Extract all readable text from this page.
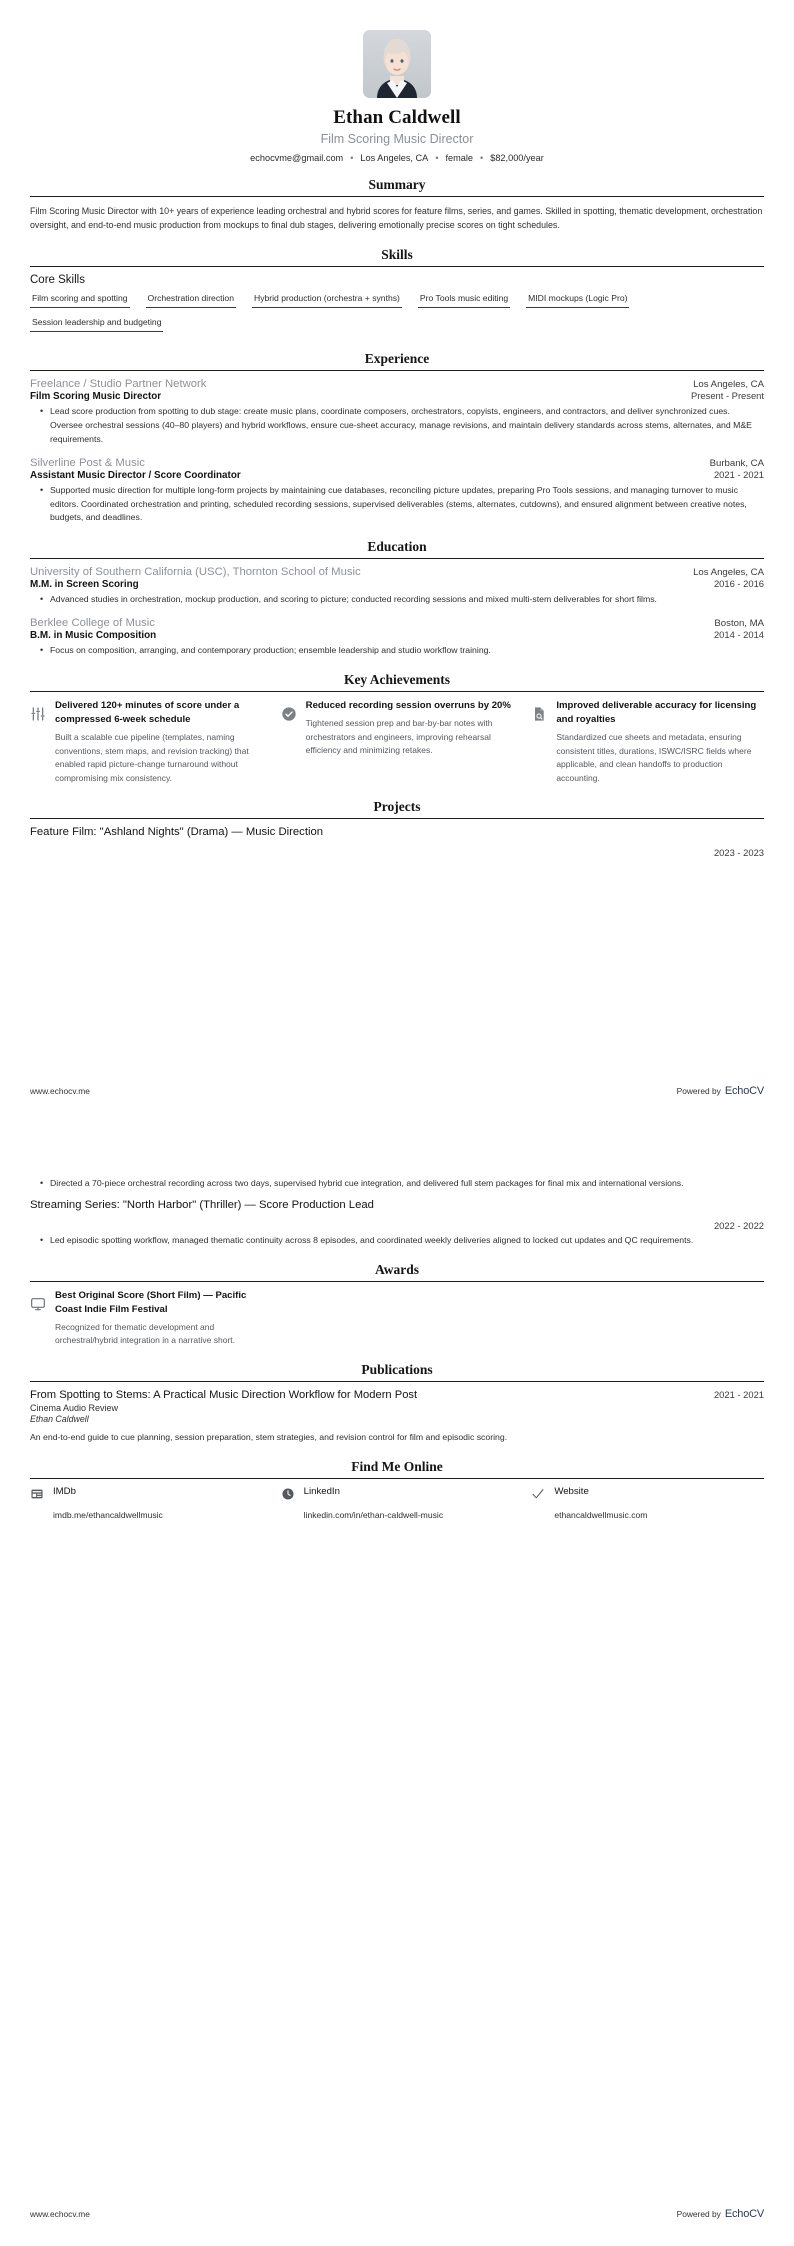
Ethan Caldwell
Film Scoring Music Director
echocvme@gmail.com • Los Angeles, CA • female • $82,000/year
Summary
Film Scoring Music Director with 10+ years of experience leading orchestral and hybrid scores for feature films, series, and games. Skilled in spotting, thematic development, orchestration oversight, and end-to-end music production from mockups to final dub stages, delivering emotionally precise scores on tight schedules.
Skills
Core Skills
Film scoring and spotting Orchestration direction Hybrid production (orchestra + synths) Pro Tools music editing MIDI mockups (Logic Pro)
Session leadership and budgeting
Experience
Freelance / Studio Partner Network	Los Angeles, CA
Film Scoring Music Director	Present - Present
• Lead score production from spotting to dub stage: create music plans, coordinate composers, orchestrators, copyists, engineers, and contractors, and deliver synchronized cues. Oversee orchestral sessions (40–80 players) and hybrid workflows, ensure cue-sheet accuracy, manage revisions, and maintain delivery standards across stems, alternates, and M&E requirements.
Silverline Post & Music	Burbank, CA
Assistant Music Director / Score Coordinator	2021 - 2021
• Supported music direction for multiple long-form projects by maintaining cue databases, reconciling picture updates, preparing Pro Tools sessions, and managing turnover to music editors. Coordinated orchestration and printing, scheduled recording sessions, supervised deliverables (stems, alternates, cutdowns), and ensured alignment between creative notes, budgets, and deadlines.
Education
University of Southern California (USC), Thornton School of Music	Los Angeles, CA
M.M. in Screen Scoring	2016 - 2016
• Advanced studies in orchestration, mockup production, and scoring to picture; conducted recording sessions and mixed multi-stem deliverables for short films.
Berklee College of Music	Boston, MA
B.M. in Music Composition	2014 - 2014
• Focus on composition, arranging, and contemporary production; ensemble leadership and studio workflow training.
Key Achievements
Delivered 120+ minutes of score under a compressed 6-week schedule
Built a scalable cue pipeline (templates, naming conventions, stem maps, and revision tracking) that enabled rapid picture-change turnaround without compromising mix consistency.
Reduced recording session overruns by 20%
Tightened session prep and bar-by-bar notes with orchestrators and engineers, improving rehearsal efficiency and minimizing retakes.
Improved deliverable accuracy for licensing and royalties
Standardized cue sheets and metadata, ensuring consistent titles, durations, ISWC/ISRC fields where applicable, and clean handoffs to production accounting.
Projects
Feature Film: "Ashland Nights" (Drama) — Music Direction
2023 - 2023
www.echocv.me	Powered by EchoCV
• Directed a 70-piece orchestral recording across two days, supervised hybrid cue integration, and delivered full stem packages for final mix and international versions.
Streaming Series: "North Harbor" (Thriller) — Score Production Lead
2022 - 2022
• Led episodic spotting workflow, managed thematic continuity across 8 episodes, and coordinated weekly deliveries aligned to locked cut updates and QC requirements.
Awards
Best Original Score (Short Film) — Pacific Coast Indie Film Festival
Recognized for thematic development and orchestral/hybrid integration in a narrative short.
Publications
From Spotting to Stems: A Practical Music Direction Workflow for Modern Post	2021 - 2021
Cinema Audio Review
Ethan Caldwell
An end-to-end guide to cue planning, session preparation, stem strategies, and revision control for film and episodic scoring.
Find Me Online
IMDb
imdb.me/ethancaldwellmusic
LinkedIn
linkedin.com/in/ethan-caldwell-music
Website
ethancaldwellmusic.com
www.echocv.me	Powered by EchoCV
